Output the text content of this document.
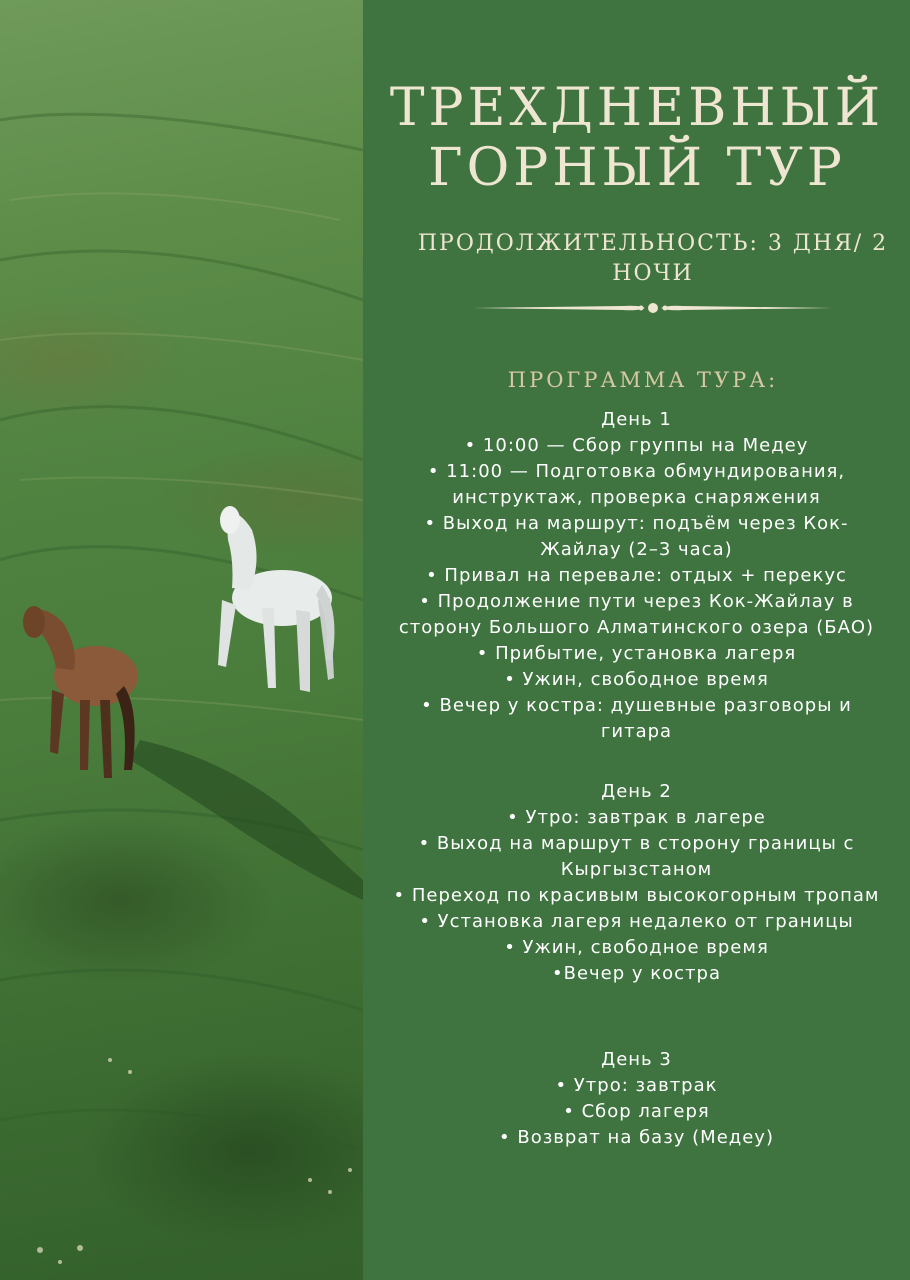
ТРЕХДНЕВНЫЙ
ГОРНЫЙ ТУР
ПРОДОЛЖИТЕЛЬНОСТЬ: 3 ДНЯ/ 2
НОЧИ
ПРОГРАММА ТУРА:
День 1
• 10:00 — Сбор группы на Медеу
• 11:00 — Подготовка обмундирования,
инструктаж, проверка снаряжения
• Выход на маршрут: подъём через Кок-
Жайлау (2–3 часа)
• Привал на перевале: отдых + перекус
• Продолжение пути через Кок-Жайлау в
сторону Большого Алматинского озера (БАО)
• Прибытие, установка лагеря
• Ужин, свободное время
• Вечер у костра: душевные разговоры и
гитара
День 2
• Утро: завтрак в лагере
• Выход на маршрут в сторону границы с
Кыргызстаном
• Переход по красивым высокогорным тропам
• Установка лагеря недалеко от границы
• Ужин, свободное время
•Вечер у костра
День 3
• Утро: завтрак
• Сбор лагеря
• Возврат на базу (Медеу)
